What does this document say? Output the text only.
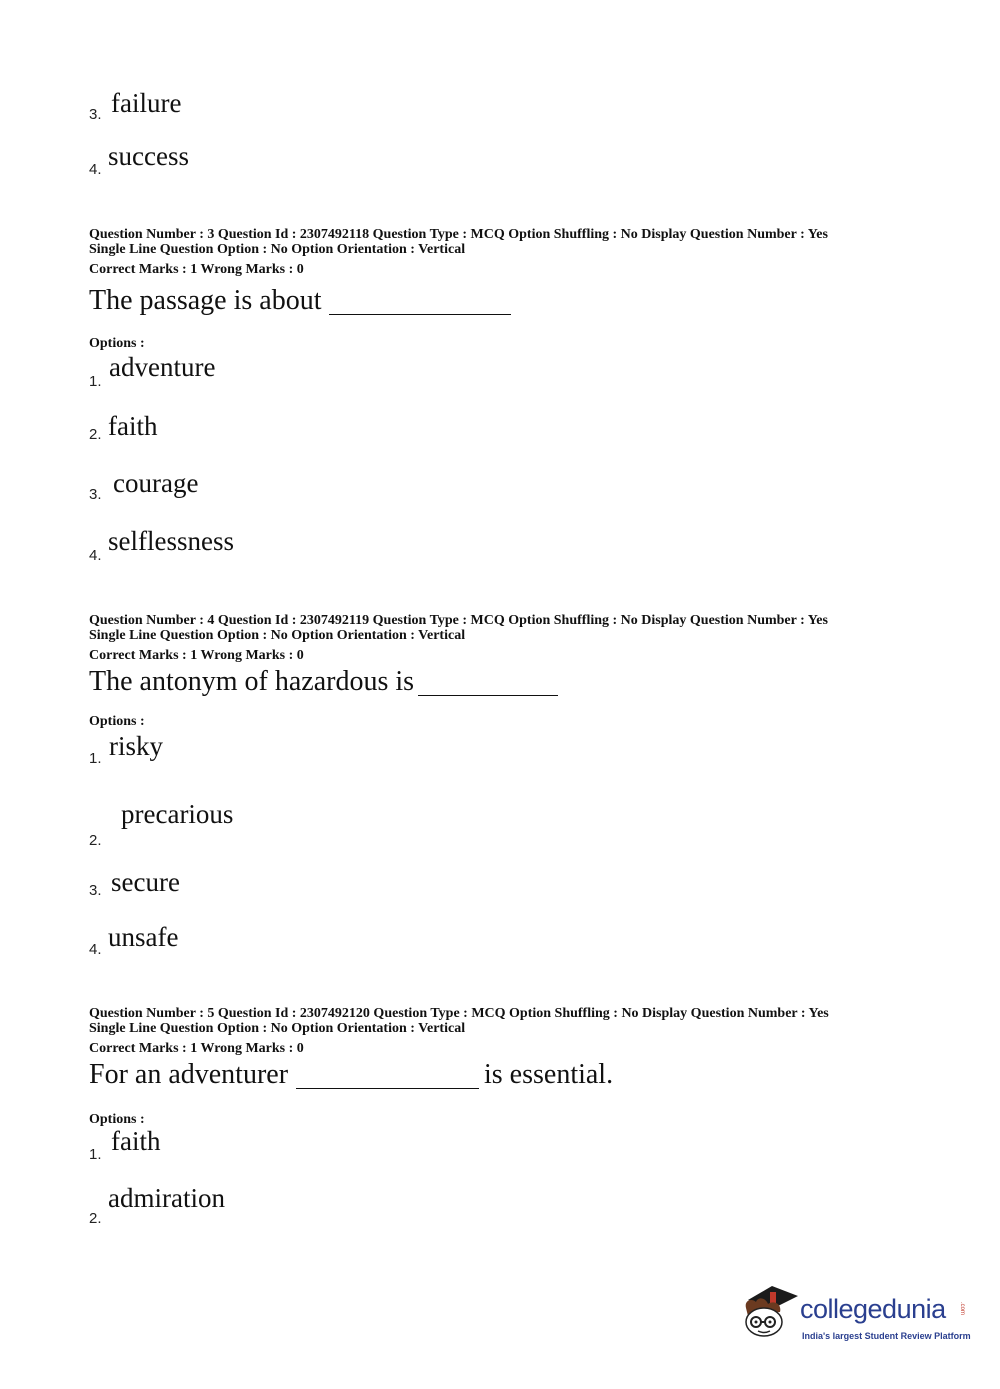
3. failure
4. success
Question Number : 3 Question Id : 2307492118 Question Type : MCQ Option Shuffling : No Display Question Number : Yes
Single Line Question Option : No Option Orientation : Vertical
Correct Marks : 1 Wrong Marks : 0
The passage is about
Options :
1. adventure
2. faith
3. courage
4. selflessness
Question Number : 4 Question Id : 2307492119 Question Type : MCQ Option Shuffling : No Display Question Number : Yes
Single Line Question Option : No Option Orientation : Vertical
Correct Marks : 1 Wrong Marks : 0
The antonym of hazardous is
Options :
1. risky
2.
precarious
3. secure
4. unsafe
Question Number : 5 Question Id : 2307492120 Question Type : MCQ Option Shuffling : No Display Question Number : Yes
Single Line Question Option : No Option Orientation : Vertical
Correct Marks : 1 Wrong Marks : 0
For an adventurer	is essential.
Options :
1. faith
2.
admiration
collegedunia .com
India's largest Student Review Platform
